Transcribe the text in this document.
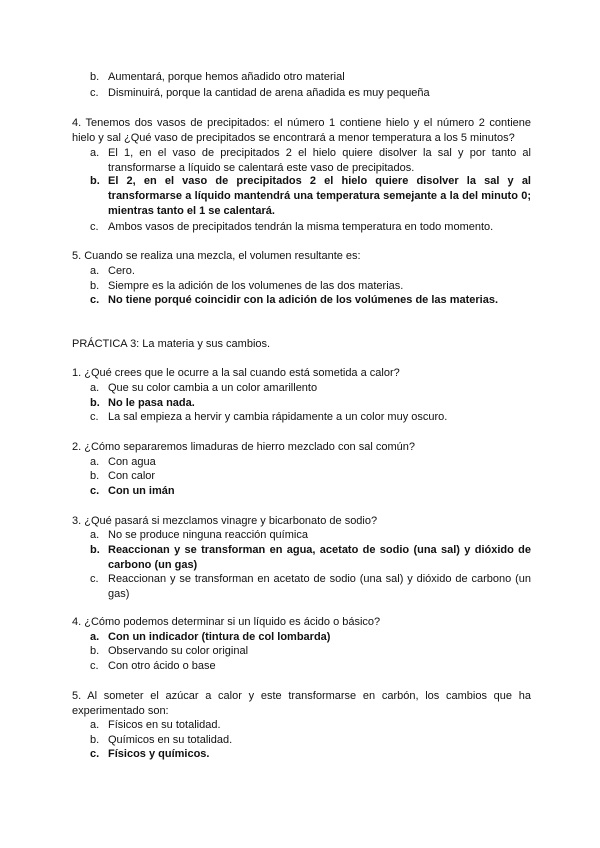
b. Aumentará, porque hemos añadido otro material
c. Disminuirá, porque la cantidad de arena añadida es muy pequeña
4. Tenemos dos vasos de precipitados: el número 1 contiene hielo y el número 2 contiene hielo y sal ¿Qué vaso de precipitados se encontrará a menor temperatura a los 5 minutos?
a. El 1, en el vaso de precipitados 2 el hielo quiere disolver la sal y por tanto al transformarse a líquido se calentará este vaso de precipitados.
b. El 2, en el vaso de precipitados 2 el hielo quiere disolver la sal y al transformarse a líquido mantendrá una temperatura semejante a la del minuto 0; mientras tanto el 1 se calentará.
c. Ambos vasos de precipitados tendrán la misma temperatura en todo momento.
5. Cuando se realiza una mezcla, el volumen resultante es:
a. Cero.
b. Siempre es la adición de los volumenes de las dos materias.
c. No tiene porqué coincidir con la adición de los volúmenes de las materias.
PRÁCTICA 3: La materia y sus cambios.
1. ¿Qué crees que le ocurre a la sal cuando está sometida a calor?
a. Que su color cambia a un color amarillento
b. No le pasa nada.
c. La sal empieza a hervir y cambia rápidamente a un color muy oscuro.
2. ¿Cómo separaremos limaduras de hierro mezclado con sal común?
a. Con agua
b. Con calor
c. Con un imán
3. ¿Qué pasará si mezclamos vinagre y bicarbonato de sodio?
a. No se produce ninguna reacción química
b. Reaccionan y se transforman en agua, acetato de sodio (una sal) y dióxido de carbono (un gas)
c. Reaccionan y se transforman en acetato de sodio (una sal) y dióxido de carbono (un gas)
4. ¿Cómo podemos determinar si un líquido es ácido o básico?
a. Con un indicador (tintura de col lombarda)
b. Observando su color original
c. Con otro ácido o base
5. Al someter el azúcar a calor y este transformarse en carbón, los cambios que ha experimentado son:
a. Físicos en su totalidad.
b. Químicos en su totalidad.
c. Físicos y químicos.
